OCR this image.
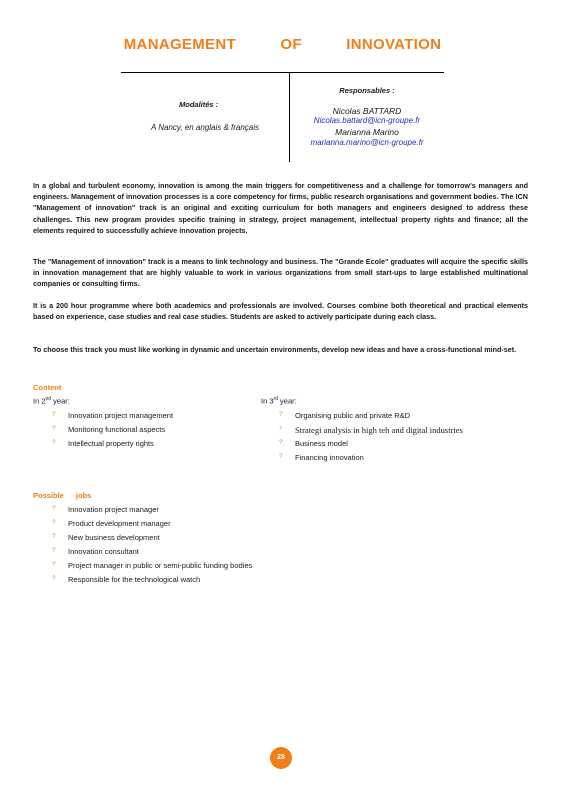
MANAGEMENT OF INNOVATION
Modalités :
A Nancy, en anglais & français
Responsables :
Nicolas BATTARD
Nicolas.battard@icn-groupe.fr
Marianna Marino
marianna.marino@icn-groupe.fr

In a global and turbulent economy, innovation is among the main triggers for competitiveness and a challenge for tomorrow's managers and engineers. Management of innovation processes is a core competency for firms, public research organisations and government bodies. The ICN "Management of innovation" track is an original and exciting curriculum for both managers and engineers designed to address these challenges. This new program provides specific training in strategy, project management, intellectual property rights and finance; all the elements required to successfully achieve innovation projects.

The "Management of innovation" track is a means to link technology and business. The "Grande Ecole" graduates will acquire the specific skills in innovation management that are highly valuable to work in various organizations from small start-ups to large established multinational companies or consulting firms.

It is a 200 hour programme where both academics and professionals are involved. Courses combine both theoretical and practical elements based on experience, case studies and real case studies. Students are asked to actively participate during each class.

To choose this track you must like working in dynamic and uncertain environments, develop new ideas and have a cross-functional mind-set.

Content
In 2nd year:
? Innovation project management
? Monitoring functional aspects
? Intellectual property rights
In 3rd year:
? Organising public and private R&D
? Strategi analysis in high teh and digital industries
? Business model
? Financing innovation
Possible jobs
? Innovation project manager
? Product development manager
? New business development
? Innovation consultant
? Project manager in public or semi-public funding bodies
? Responsible for the technological watch
28
